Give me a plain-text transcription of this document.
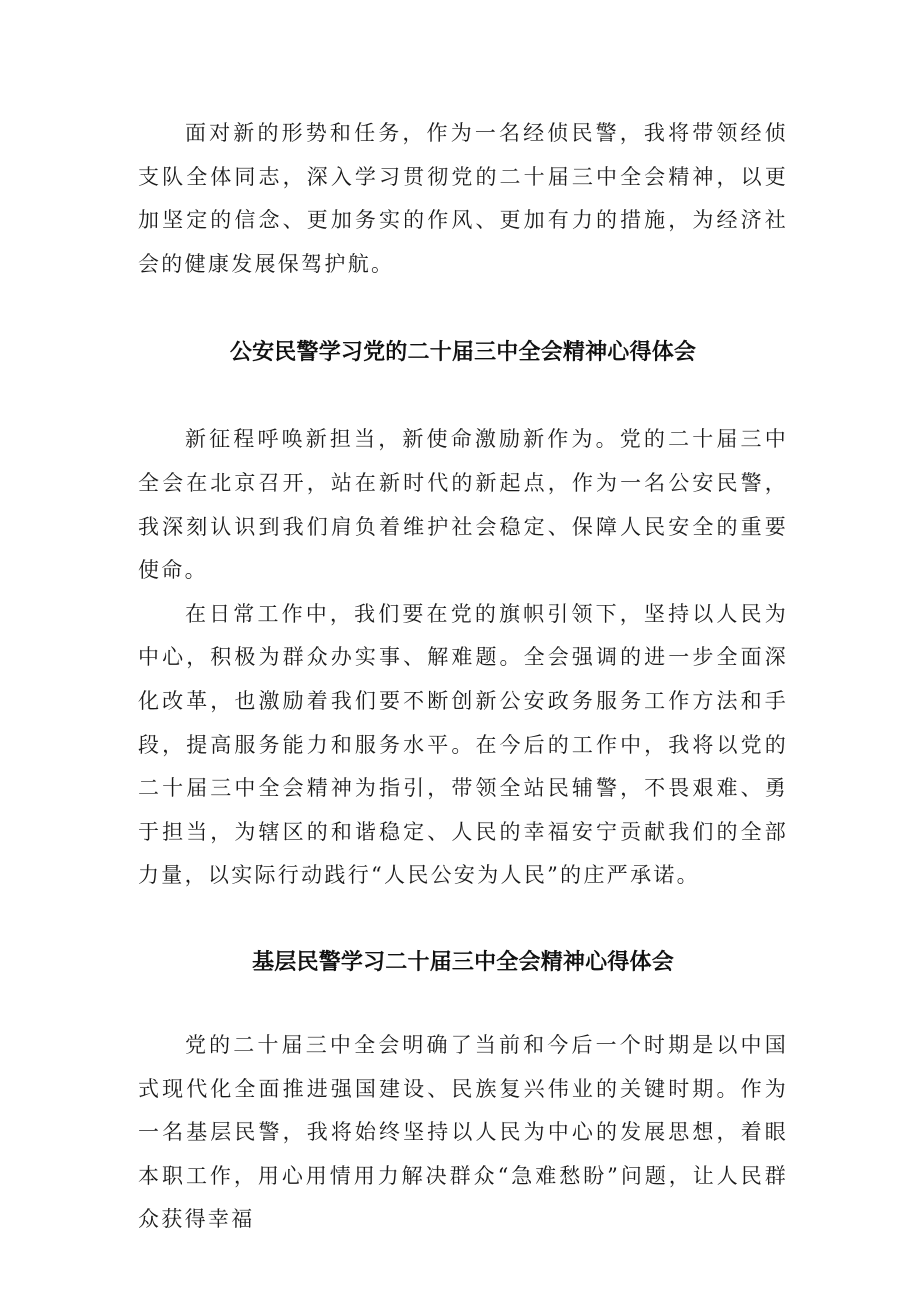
面对新的形势和任务，作为一名经侦民警，我将带领经侦支队全体同志，深入学习贯彻党的二十届三中全会精神，以更加坚定的信念、更加务实的作风、更加有力的措施，为经济社会的健康发展保驾护航。

公安民警学习党的二十届三中全会精神心得体会

新征程呼唤新担当，新使命激励新作为。党的二十届三中全会在北京召开，站在新时代的新起点，作为一名公安民警，我深刻认识到我们肩负着维护社会稳定、保障人民安全的重要使命。

在日常工作中，我们要在党的旗帜引领下，坚持以人民为中心，积极为群众办实事、解难题。全会强调的进一步全面深化改革，也激励着我们要不断创新公安政务服务工作方法和手段，提高服务能力和服务水平。在今后的工作中，我将以党的二十届三中全会精神为指引，带领全站民辅警，不畏艰难、勇于担当，为辖区的和谐稳定、人民的幸福安宁贡献我们的全部力量，以实际行动践行“人民公安为人民”的庄严承诺。

基层民警学习二十届三中全会精神心得体会

党的二十届三中全会明确了当前和今后一个时期是以中国式现代化全面推进强国建设、民族复兴伟业的关键时期。作为一名基层民警，我将始终坚持以人民为中心的发展思想，着眼本职工作，用心用情用力解决群众“急难愁盼”问题，让人民群众获得幸福
